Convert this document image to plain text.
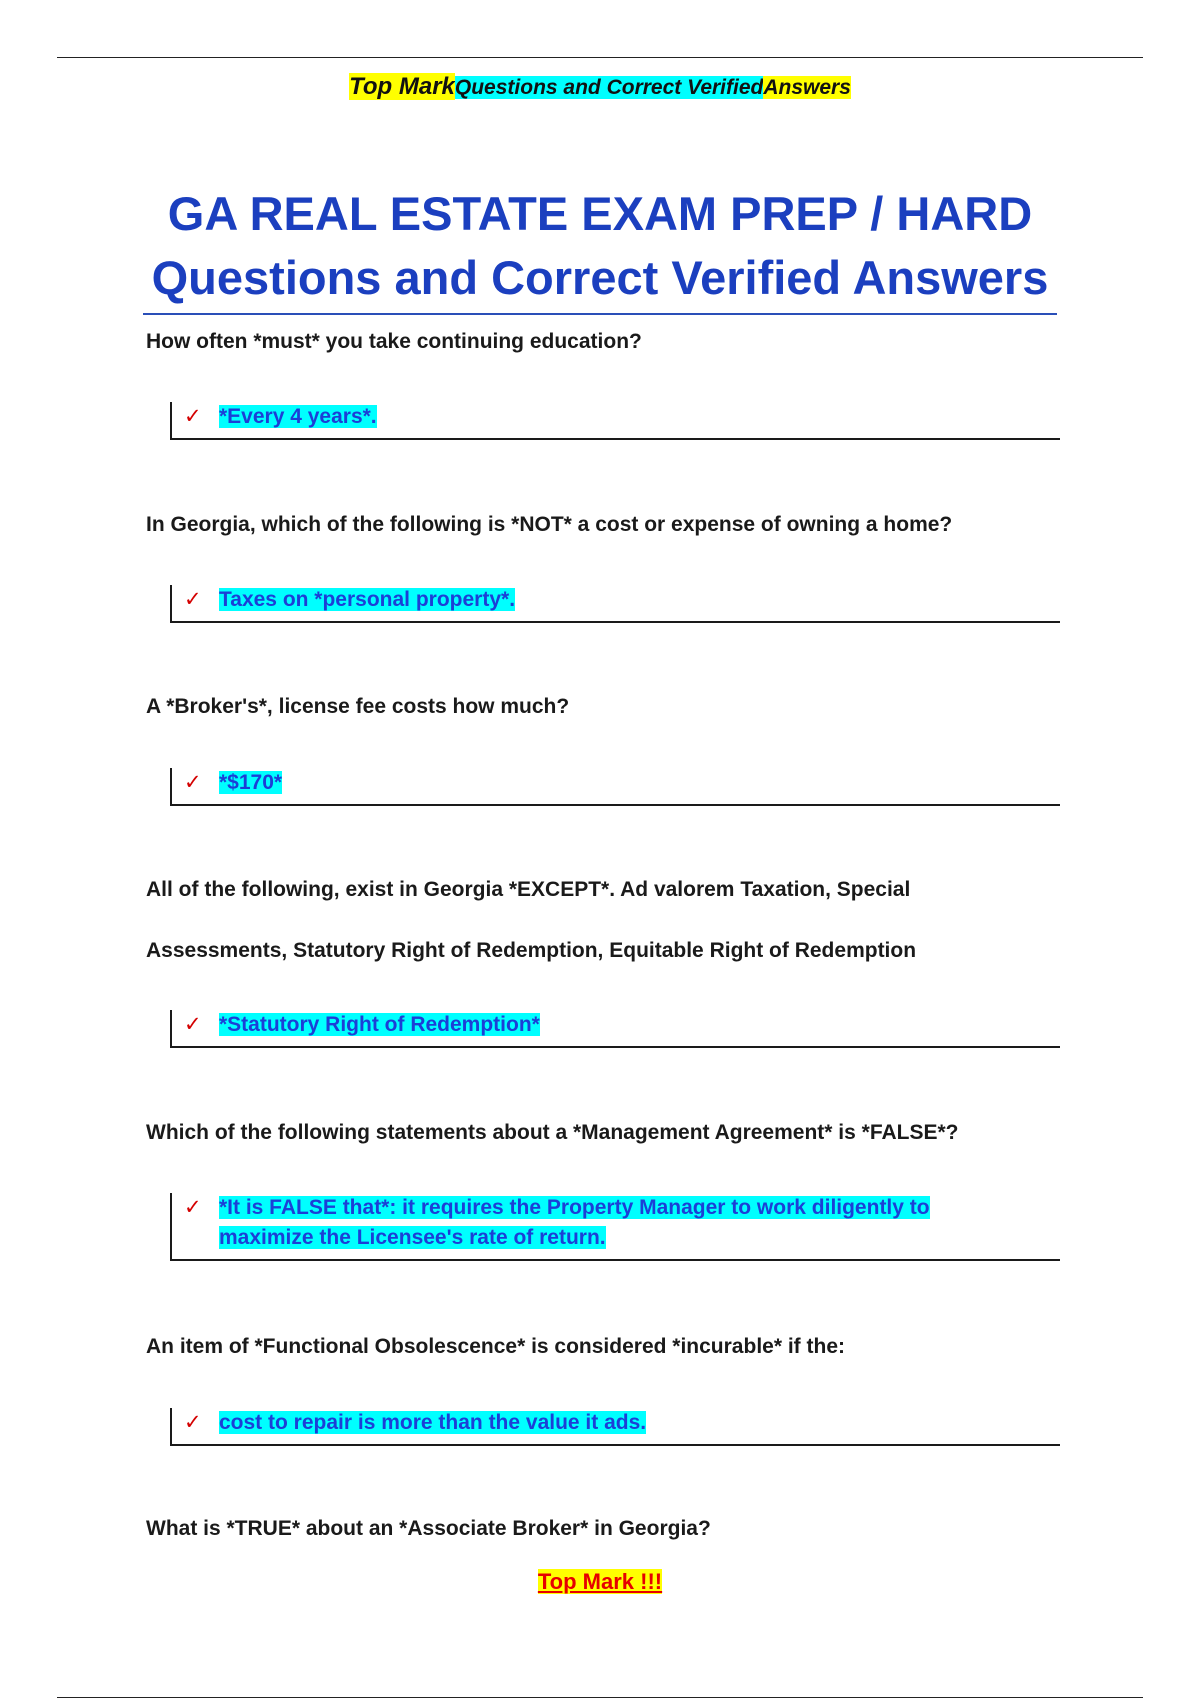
Top MarkQuestions and Correct VerifiedAnswers
GA REAL ESTATE EXAM PREP / HARD
Questions and Correct Verified Answers
How often *must* you take continuing education?
✓ *Every 4 years*.
In Georgia, which of the following is *NOT* a cost or expense of owning a home?
✓ Taxes on *personal property*.
A *Broker's*, license fee costs how much?
✓ *$170*
All of the following, exist in Georgia *EXCEPT*. Ad valorem Taxation, Special
Assessments, Statutory Right of Redemption, Equitable Right of Redemption
✓ *Statutory Right of Redemption*
Which of the following statements about a *Management Agreement* is *FALSE*?
✓ *It is FALSE that*: it requires the Property Manager to work diligently to
maximize the Licensee's rate of return.
An item of *Functional Obsolescence* is considered *incurable* if the:
✓ cost to repair is more than the value it ads.
What is *TRUE* about an *Associate Broker* in Georgia?
Top Mark !!!
